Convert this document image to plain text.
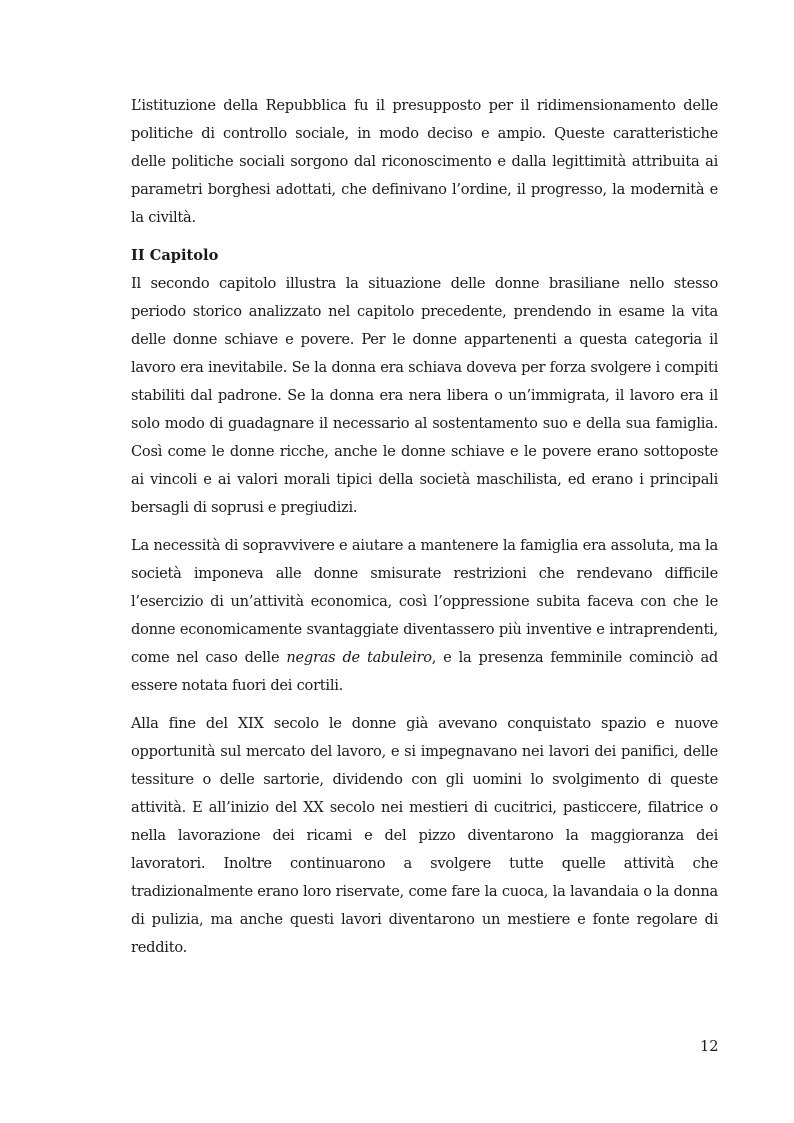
L’istituzione della Repubblica fu il presupposto per il ridimensionamento delle politiche di controllo sociale, in modo deciso e ampio. Queste caratteristiche delle politiche sociali sorgono dal riconoscimento e dalla legittimità attribuita ai parametri borghesi adottati, che definivano l’ordine, il progresso, la modernità e la civiltà.

II Capitolo

Il secondo capitolo illustra la situazione delle donne brasiliane nello stesso periodo storico analizzato nel capitolo precedente, prendendo in esame la vita delle donne schiave e povere. Per le donne appartenenti a questa categoria il lavoro era inevitabile. Se la donna era schiava doveva per forza svolgere i compiti stabiliti dal padrone. Se la donna era nera libera o un’immigrata, il lavoro era il solo modo di guadagnare il necessario al sostentamento suo e della sua famiglia. Così come le donne ricche, anche le donne schiave e le povere erano sottoposte ai vincoli e ai valori morali tipici della società maschilista, ed erano i principali bersagli di soprusi e pregiudizi.

La necessità di sopravvivere e aiutare a mantenere la famiglia era assoluta, ma la società imponeva alle donne smisurate restrizioni che rendevano difficile l’esercizio di un’attività economica, così l’oppressione subita faceva con che le donne economicamente svantaggiate diventassero più inventive e intraprendenti, come nel caso delle negras de tabuleiro, e la presenza femminile cominciò ad essere notata fuori dei cortili.

Alla fine del XIX secolo le donne già avevano conquistato spazio e nuove opportunità sul mercato del lavoro, e si impegnavano nei lavori dei panifici, delle tessiture o delle sartorie, dividendo con gli uomini lo svolgimento di queste attività. E all’inizio del XX secolo nei mestieri di cucitrici, pasticcere, filatrice o nella lavorazione dei ricami e del pizzo diventarono la maggioranza dei lavoratori. Inoltre continuarono a svolgere tutte quelle attività che tradizionalmente erano loro riservate, come fare la cuoca, la lavandaia o la donna di pulizia, ma anche questi lavori diventarono un mestiere e fonte regolare di reddito.

12
